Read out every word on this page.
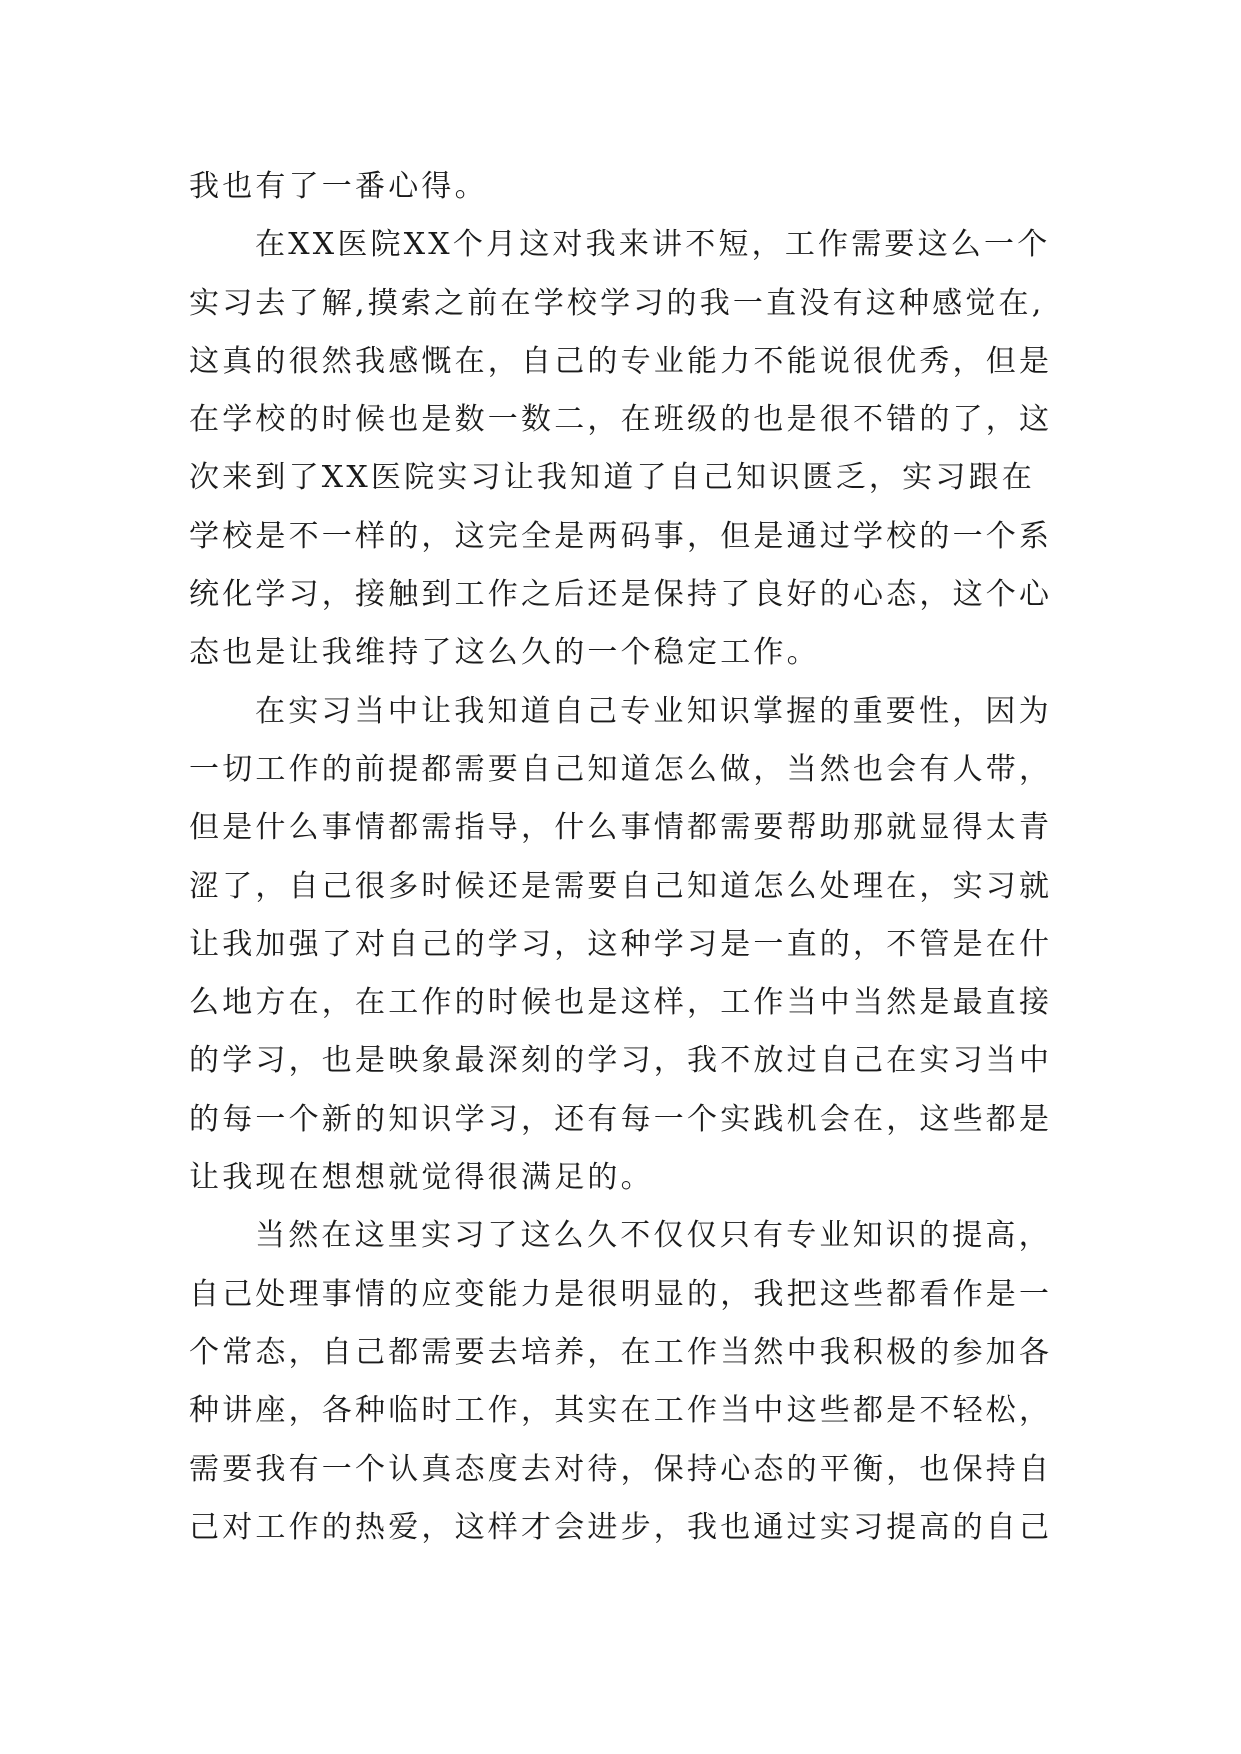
我也有了一番心得。
在XX医院XX个月这对我来讲不短，工作需要这么一个
实习去了解,摸索之前在学校学习的我一直没有这种感觉在,
这真的很然我感慨在，自己的专业能力不能说很优秀，但是
在学校的时候也是数一数二，在班级的也是很不错的了，这
次来到了XX医院实习让我知道了自己知识匮乏，实习跟在
学校是不一样的，这完全是两码事，但是通过学校的一个系
统化学习，接触到工作之后还是保持了良好的心态，这个心
态也是让我维持了这么久的一个稳定工作。
在实习当中让我知道自己专业知识掌握的重要性，因为
一切工作的前提都需要自己知道怎么做，当然也会有人带，
但是什么事情都需指导，什么事情都需要帮助那就显得太青
涩了，自己很多时候还是需要自己知道怎么处理在，实习就
让我加强了对自己的学习，这种学习是一直的，不管是在什
么地方在，在工作的时候也是这样，工作当中当然是最直接
的学习，也是映象最深刻的学习，我不放过自己在实习当中
的每一个新的知识学习，还有每一个实践机会在，这些都是
让我现在想想就觉得很满足的。
当然在这里实习了这么久不仅仅只有专业知识的提高，
自己处理事情的应变能力是很明显的，我把这些都看作是一
个常态，自己都需要去培养，在工作当然中我积极的参加各
种讲座，各种临时工作，其实在工作当中这些都是不轻松，
需要我有一个认真态度去对待，保持心态的平衡，也保持自
己对工作的热爱，这样才会进步，我也通过实习提高的自己
